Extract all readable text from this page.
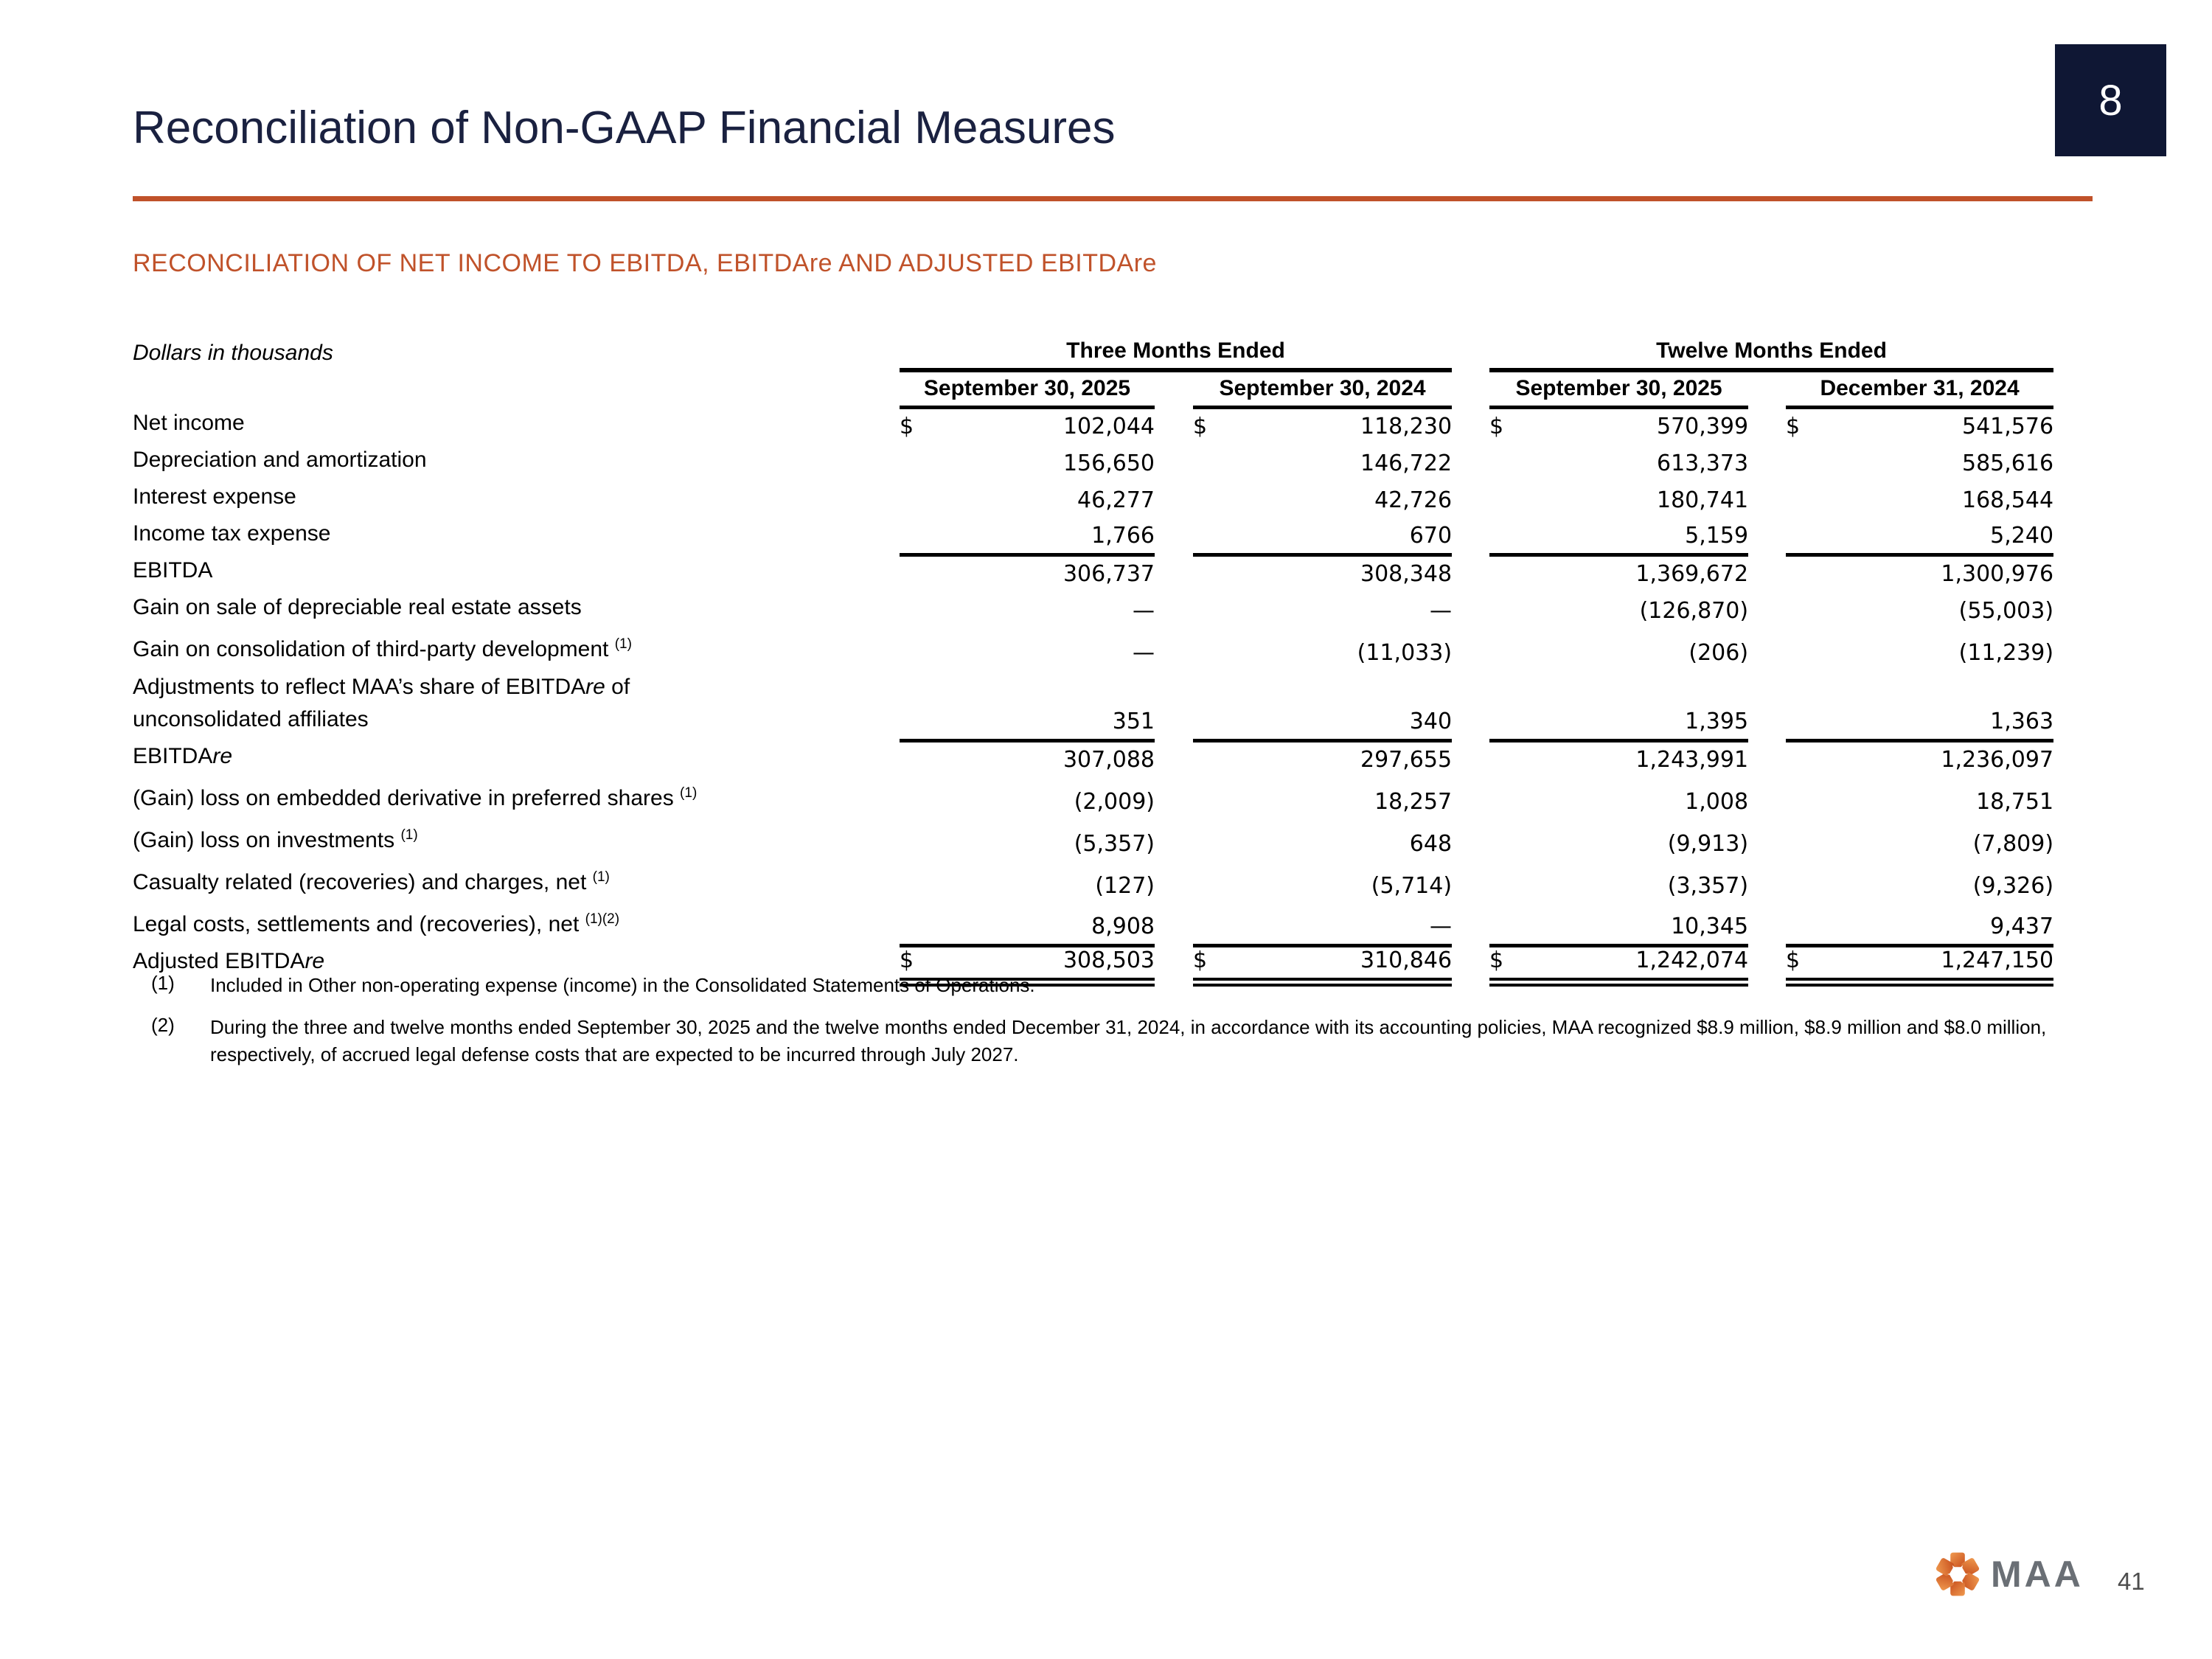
Reconciliation of Non-GAAP Financial Measures
8
RECONCILIATION OF NET INCOME TO EBITDA, EBITDAre AND ADJUSTED EBITDAre
Dollars in thousands	Three Months Ended						Twelve Months Ended				
	September 30, 2025			September 30, 2024			September 30, 2025			December 31, 2024	

Net income	$	102,044		$	118,230		$	570,399		$	541,576

Depreciation and amortization		156,650			146,722			613,373			585,616

Interest expense		46,277			42,726			180,741			168,544

Income tax expense		1,766			670			5,159			5,240

EBITDA		306,737			308,348			1,369,672			1,300,976

Gain on sale of depreciable real estate assets		—			—			(126,870)			(55,003)

Gain on consolidation of third-party development $^{(1)}$		—			(11,033)			(206)			(11,239)

Adjustments to reflect MAA’s share of EBITDAre of
unconsolidated affiliates		351			340			1,395			1,363

EBITDAre		307,088			297,655			1,243,991			1,236,097

(Gain) loss on embedded derivative in preferred shares $^{(1)}$		(2,009)			18,257			1,008			18,751

(Gain) loss on investments $^{(1)}$		(5,357)			648			(9,913)			(7,809)

Casualty related (recoveries) and charges, net $^{(1)}$		(127)			(5,714)			(3,357)			(9,326)

Legal costs, settlements and (recoveries), net $^{(1)(2)}$		8,908			—			10,345			9,437

Adjusted EBITDAre	$	308,503		$	310,846		$	1,242,074		$	1,247,150
(1)	Included in Other non-operating expense (income) in the Consolidated Statements of Operations.
(2)	During the three and twelve months ended September 30, 2025 and the twelve months ended December 31, 2024, in accordance with its accounting policies, MAA recognized $8.9 million, $8.9 million and $8.0 million, respectively, of accrued legal defense costs that are expected to be incurred through July 2027.
MAA 41
